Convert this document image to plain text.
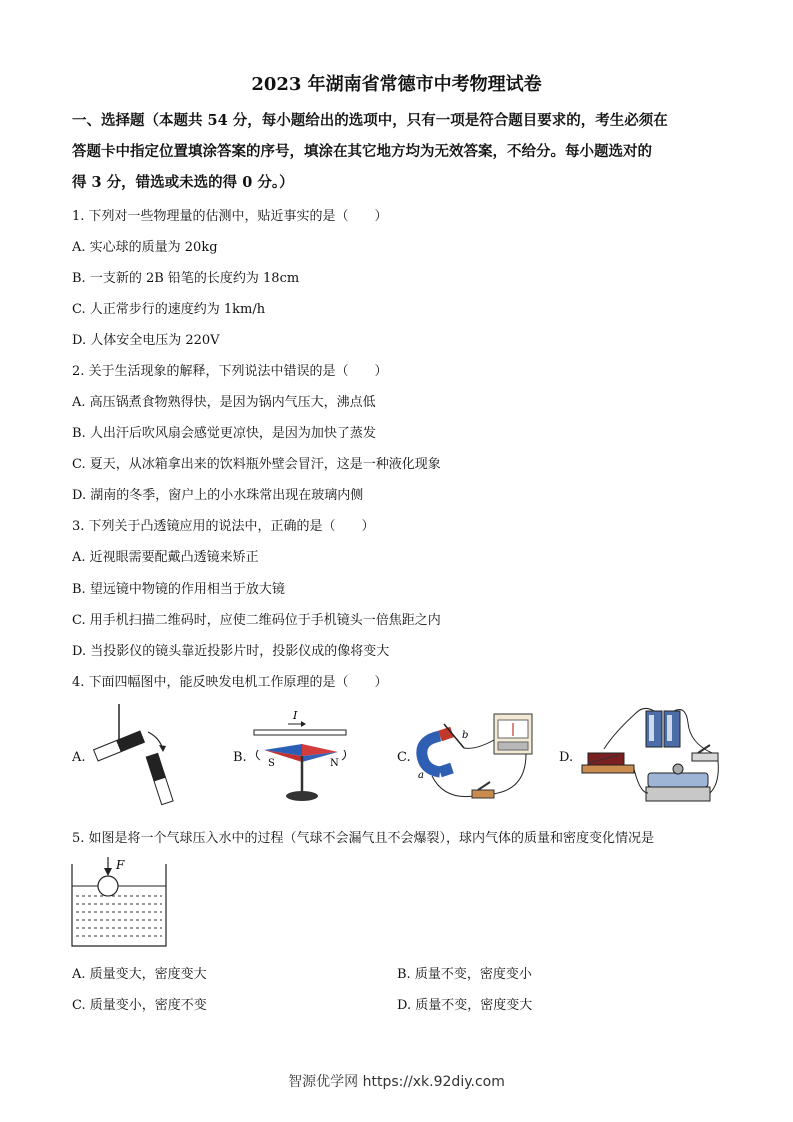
2023 年湖南省常德市中考物理试卷
一、选择题（本题共 54 分，每小题给出的选项中，只有一项是符合题目要求的，考生必须在
答题卡中指定位置填涂答案的序号，填涂在其它地方均为无效答案，不给分。每小题选对的
得 3 分，错选或未选的得 0 分。）
1. 下列对一些物理量的估测中，贴近事实的是（　　）
A. 实心球的质量为 20kg
B. 一支新的 2B 铅笔的长度约为 18cm
C. 人正常步行的速度约为 1km/h
D. 人体安全电压为 220V
2. 关于生活现象的解释，下列说法中错误的是（　　）
A. 高压锅煮食物熟得快，是因为锅内气压大，沸点低
B. 人出汗后吹风扇会感觉更凉快，是因为加快了蒸发
C. 夏天，从冰箱拿出来的饮料瓶外壁会冒汗，这是一种液化现象
D. 湖南的冬季，窗户上的小水珠常出现在玻璃内侧
3. 下列关于凸透镜应用的说法中，正确的是（　　）
A. 近视眼需要配戴凸透镜来矫正
B. 望远镜中物镜的作用相当于放大镜
C. 用手机扫描二维码时，应使二维码位于手机镜头一倍焦距之内
D. 当投影仪的镜头靠近投影片时，投影仪成的像将变大
4. 下面四幅图中，能反映发电机工作原理的是（　　）
A.	B.	C.	D.
I
S	N
b
a
5. 如图是将一个气球压入水中的过程（气球不会漏气且不会爆裂），球内气体的质量和密度变化情况是
F
A. 质量变大，密度变大	B. 质量不变，密度变小
C. 质量变小，密度不变	D. 质量不变，密度变大
智源优学网 https://xk.92diy.com
